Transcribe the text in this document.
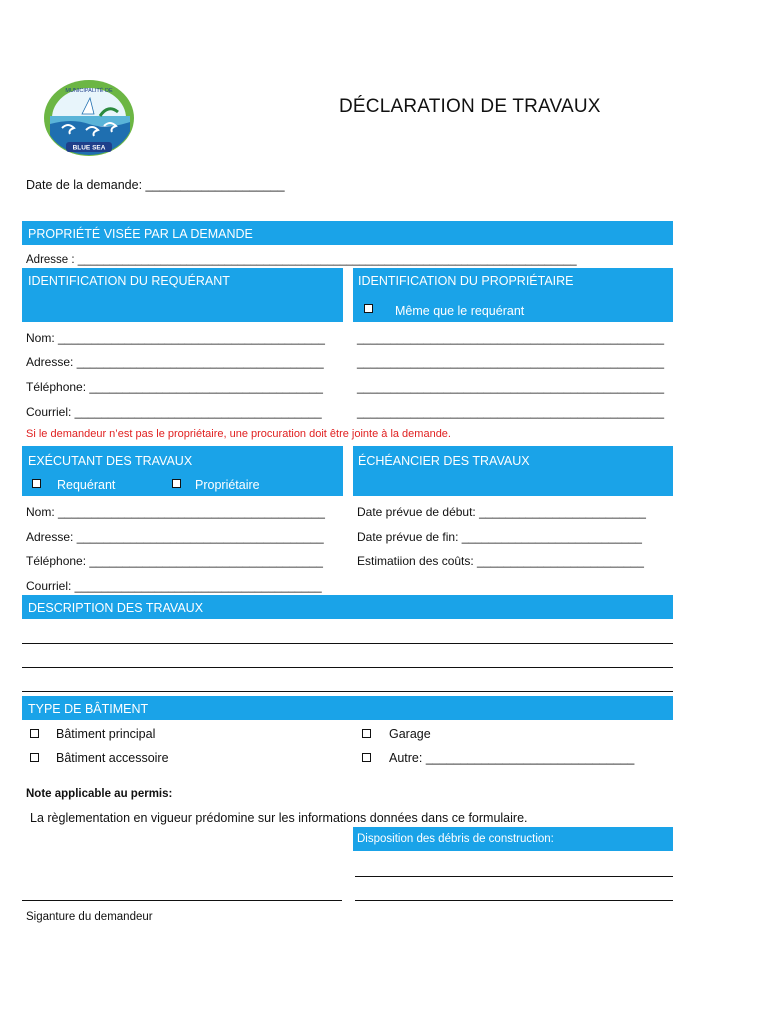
MUNICIPALITÉ DE
BLUE SEA
DÉCLARATION DE TRAVAUX
Date de la demande: ____________________
PROPRIÉTÉ VISÉE PAR LA DEMANDE
Adresse : ______________________________________________________________________________
IDENTIFICATION DU REQUÉRANT	IDENTIFICATION DU PROPRIÉTAIRE
Même que le requérant
Nom: ________________________________________
Adresse: _____________________________________
Téléphone: ___________________________________
Courriel: _____________________________________
______________________________________________
______________________________________________
______________________________________________
______________________________________________
Si le demandeur n’est pas le propriétaire, une procuration doit être jointe à la demande.
EXÉCUTANT DES TRAVAUX
Requérant	Propriétaire
ÉCHÉANCIER DES TRAVAUX
Nom: ________________________________________
Adresse: _____________________________________
Téléphone: ___________________________________
Courriel: _____________________________________
Date prévue de début: _________________________
Date prévue de fin: ___________________________
Estimatiion des coûts: _________________________
DESCRIPTION DES TRAVAUX
TYPE DE BÂTIMENT
Bâtiment principal
Bâtiment accessoire
Garage
Autre: ______________________________
Note applicable au permis:
La règlementation en vigueur prédomine sur les informations données dans ce formulaire.
Disposition des débris de construction:
Siganture du demandeur
